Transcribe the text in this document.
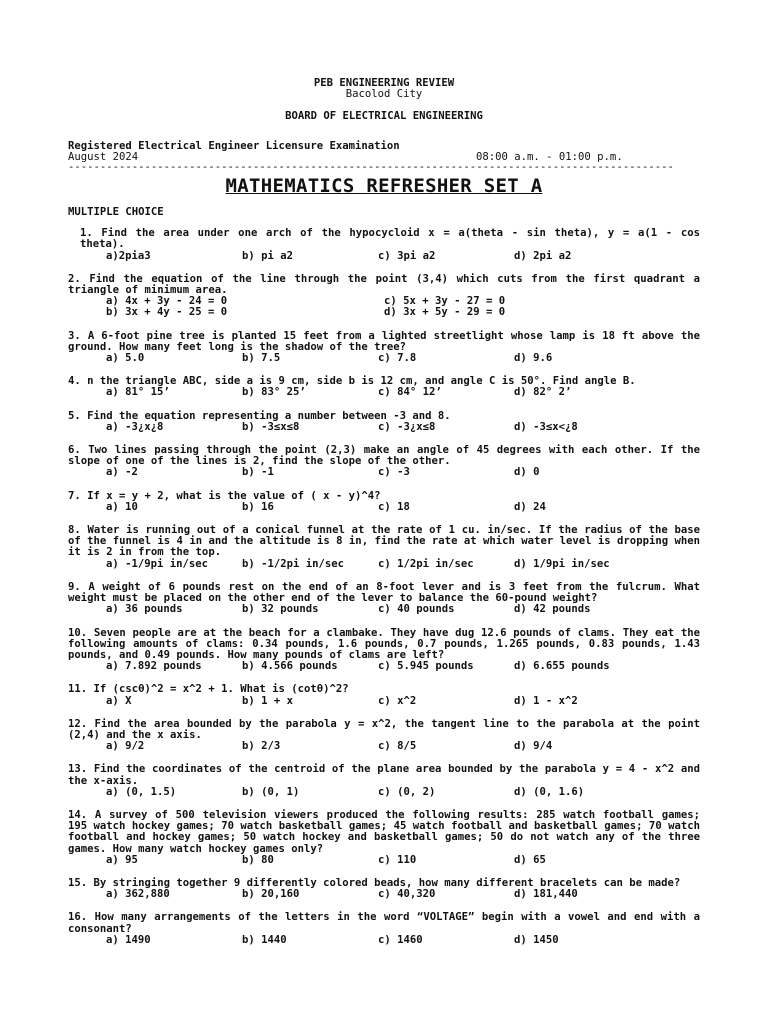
PEB ENGINEERING REVIEW
Bacolod City
BOARD OF ELECTRICAL ENGINEERING
Registered Electrical Engineer Licensure Examination
August 2024	08:00 a.m. - 01:00 p.m.
-----------------------------------------------------------------------------------------------
MATHEMATICS REFRESHER SET A
MULTIPLE CHOICE
1. Find the area under one arch of the hypocycloid x = a(theta - sin theta), y = a(1 - cos theta).
a)2pia3	b) pi a2	c) 3pi a2	d) 2pi a2
2. Find the equation of the line through the point (3,4) which cuts from the first quadrant a triangle of minimum area.
a) 4x + 3y - 24 = 0	c) 5x + 3y - 27 = 0
b) 3x + 4y - 25 = 0	d) 3x + 5y - 29 = 0
3. A 6-foot pine tree is planted 15 feet from a lighted streetlight whose lamp is 18 ft above the ground. How many feet long is the shadow of the tree?
a) 5.0	b) 7.5	c) 7.8	d) 9.6
4. n the triangle ABC, side a is 9 cm, side b is 12 cm, and angle C is 50°. Find angle B.
a) 81° 15’	b) 83° 25’	c) 84° 12’	d) 82° 2’
5. Find the equation representing a number between -3 and 8.
a) -3¿x¿8	b) -3≤x≤8	c) -3¿x≤8	d) -3≤x<¿8
6. Two lines passing through the point (2,3) make an angle of 45 degrees with each other. If the slope of one of the lines is 2, find the slope of the other.
a) -2	b) -1	c) -3	d) 0
7. If x = y + 2, what is the value of ( x - y)^4?
a) 10	b) 16	c) 18	d) 24
8. Water is running out of a conical funnel at the rate of 1 cu. in/sec. If the radius of the base of the funnel is 4 in and the altitude is 8 in, find the rate at which water level is dropping when it is 2 in from the top.
a) -1/9pi in/sec	b) -1/2pi in/sec	c) 1/2pi in/sec	d) 1/9pi in/sec
9. A weight of 6 pounds rest on the end of an 8-foot lever and is 3 feet from the fulcrum. What weight must be placed on the other end of the lever to balance the 60-pound weight?
a) 36 pounds	b) 32 pounds	c) 40 pounds	d) 42 pounds
10. Seven people are at the beach for a clambake. They have dug 12.6 pounds of clams. They eat the following amounts of clams: 0.34 pounds, 1.6 pounds, 0.7 pounds, 1.265 pounds, 0.83 pounds, 1.43 pounds, and 0.49 pounds. How many pounds of clams are left?
a) 7.892 pounds	b) 4.566 pounds	c) 5.945 pounds	d) 6.655 pounds
11. If (cscθ)^2 = x^2 + 1. What is (cotθ)^2?
a) X	b) 1 + x	c) x^2	d) 1 - x^2
12. Find the area bounded by the parabola y = x^2, the tangent line to the parabola at the point (2,4) and the x axis.
a) 9/2	b) 2/3	c) 8/5	d) 9/4
13. Find the coordinates of the centroid of the plane area bounded by the parabola y = 4 - x^2 and the x-axis.
a) (0, 1.5)	b) (0, 1)	c) (0, 2)	d) (0, 1.6)
14. A survey of 500 television viewers produced the following results: 285 watch football games; 195 watch hockey games; 70 watch basketball games; 45 watch football and basketball games; 70 watch football and hockey games; 50 watch hockey and basketball games; 50 do not watch any of the three games. How many watch hockey games only?
a) 95	b) 80	c) 110	d) 65
15. By stringing together 9 differently colored beads, how many different bracelets can be made?
a) 362,880	b) 20,160	c) 40,320	d) 181,440
16. How many arrangements of the letters in the word “VOLTAGE” begin with a vowel and end with a consonant?
a) 1490	b) 1440	c) 1460	d) 1450
